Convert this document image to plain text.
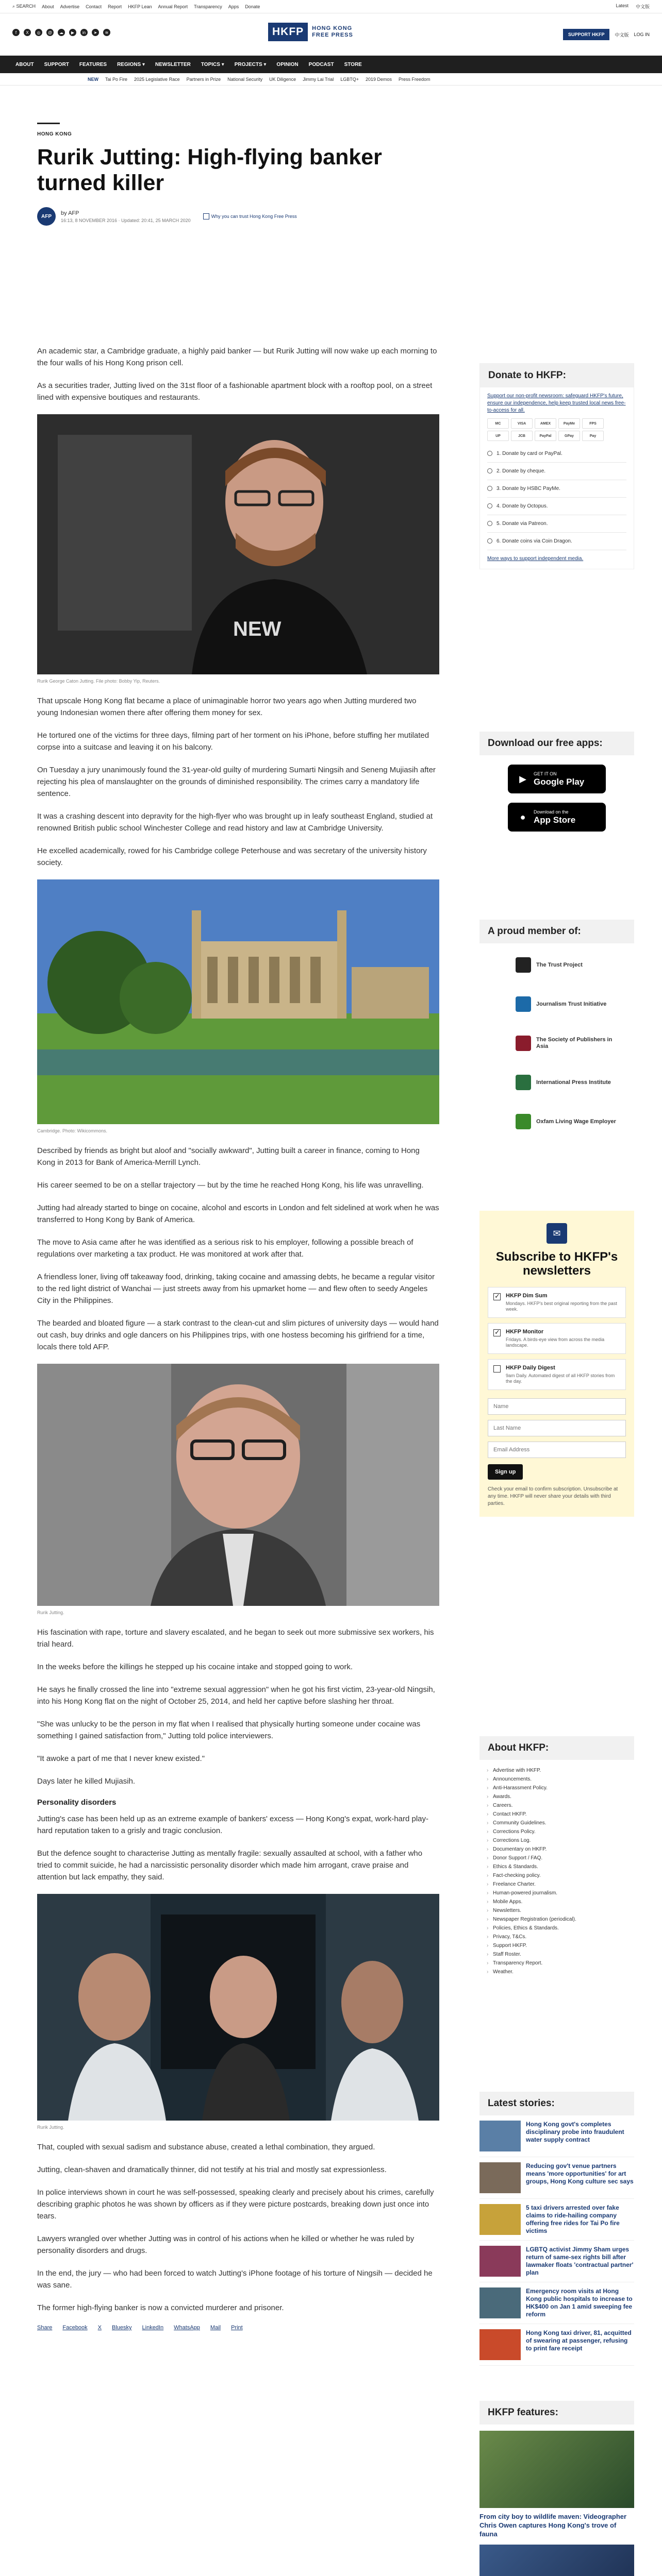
⌕ SEARCH About Advertise Contact Report HKFP Lean Annual Report Transparency Apps Donate	Latest 中文版
f	X	◎	@	☁	▶	in	➤	≋	HKFP	HONG KONG
FREE PRESS	SUPPORT HKFP	中文版 LOG IN
ABOUT SUPPORT FEATURES REGIONS ▾ NEWSLETTER TOPICS ▾ PROJECTS ▾ OPINION PODCAST STORE
NEW Tai Po Fire 2025 Legislative Race Partners in Prize National Security UK Diligence Jimmy Lai Trial LGBTQ+ 2019 Demos Press Freedom
HONG KONG
Rurik Jutting: High-flying banker turned killer
AFP
by AFP
16:13, 8 NOVEMBER 2016 · Updated: 20:41, 25 MARCH 2020
Why you can trust Hong Kong Free Press

An academic star, a Cambridge graduate, a highly paid banker — but Rurik Jutting will now wake up each morning to the four walls of his Hong Kong prison cell.

As a securities trader, Jutting lived on the 31st floor of a fashionable apartment block with a rooftop pool, on a street lined with expensive boutiques and restaurants.

NEW
Rurik George Caton Jutting. File photo: Bobby Yip, Reuters.

That upscale Hong Kong flat became a place of unimaginable horror two years ago when Jutting murdered two young Indonesian women there after offering them money for sex.

He tortured one of the victims for three days, filming part of her torment on his iPhone, before stuffing her mutilated corpse into a suitcase and leaving it on his balcony.

On Tuesday a jury unanimously found the 31-year-old guilty of murdering Sumarti Ningsih and Seneng Mujiasih after rejecting his plea of manslaughter on the grounds of diminished responsibility. The crimes carry a mandatory life sentence.

It was a crashing descent into depravity for the high-flyer who was brought up in leafy southeast England, studied at renowned British public school Winchester College and read history and law at Cambridge University.

He excelled academically, rowed for his Cambridge college Peterhouse and was secretary of the university history society.

Cambridge. Photo: Wikicommons.

Described by friends as bright but aloof and "socially awkward", Jutting built a career in finance, coming to Hong Kong in 2013 for Bank of America-Merrill Lynch.

His career seemed to be on a stellar trajectory — but by the time he reached Hong Kong, his life was unravelling.

Jutting had already started to binge on cocaine, alcohol and escorts in London and felt sidelined at work when he was transferred to Hong Kong by Bank of America.

The move to Asia came after he was identified as a serious risk to his employer, following a possible breach of regulations over marketing a tax product. He was monitored at work after that.

A friendless loner, living off takeaway food, drinking, taking cocaine and amassing debts, he became a regular visitor to the red light district of Wanchai — just streets away from his upmarket home — and flew often to seedy Angeles City in the Philippines.

The bearded and bloated figure — a stark contrast to the clean-cut and slim pictures of university days — would hand out cash, buy drinks and ogle dancers on his Philippines trips, with one hostess becoming his girlfriend for a time, locals there told AFP.

Rurik Jutting.

His fascination with rape, torture and slavery escalated, and he began to seek out more submissive sex workers, his trial heard.

In the weeks before the killings he stepped up his cocaine intake and stopped going to work.

He says he finally crossed the line into "extreme sexual aggression" when he got his first victim, 23-year-old Ningsih, into his Hong Kong flat on the night of October 25, 2014, and held her captive before slashing her throat.

"She was unlucky to be the person in my flat when I realised that physically hurting someone under cocaine was something I gained satisfaction from," Jutting told police interviewers.

"It awoke a part of me that I never knew existed."

Days later he killed Mujiasih.

Personality disorders

Jutting's case has been held up as an extreme example of bankers' excess — Hong Kong's expat, work-hard play-hard reputation taken to a grisly and tragic conclusion.

But the defence sought to characterise Jutting as mentally fragile: sexually assaulted at school, with a father who tried to commit suicide, he had a narcissistic personality disorder which made him arrogant, crave praise and attention but lack empathy, they said.

Rurik Jutting.

That, coupled with sexual sadism and substance abuse, created a lethal combination, they argued.

Jutting, clean-shaven and dramatically thinner, did not testify at his trial and mostly sat expressionless.

In police interviews shown in court he was self-possessed, speaking clearly and precisely about his crimes, carefully describing graphic photos he was shown by officers as if they were picture postcards, breaking down just once into tears.

Lawyers wrangled over whether Jutting was in control of his actions when he killed or whether he was ruled by personality disorders and drugs.

In the end, the jury — who had been forced to watch Jutting's iPhone footage of his torture of Ningsih — decided he was sane.

The former high-flying banker is now a convicted murderer and prisoner.

Share Facebook X Bluesky LinkedIn WhatsApp Mail Print
Donate to HKFP:

Support our non-profit newsroom: safeguard HKFP's future, ensure our independence, help keep trusted local news free-to-access for all.

MC	VISA	AMEX	PayMe	FPS
UP	JCB	PayPal	GPay	Pay
1. Donate by card or PayPal.
2. Donate by cheque.
3. Donate by HSBC PayMe.
4. Donate by Octopus.
5. Donate via Patreon.
6. Donate coins via Coin Dragon.

More ways to support independent media.

Download our free apps:
▶	GET IT ON
Google Play
●	Download on the
App Store
A proud member of:
The Trust Project
Journalism Trust Initiative
The Society of Publishers in Asia
International Press Institute
Oxfam Living Wage Employer
✉
Subscribe to HKFP's newsletters
✓
HKFP Dim Sum
Mondays. HKFP's best original reporting from the past week.
✓
HKFP Monitor
Fridays. A birds-eye view from across the media landscape.
HKFP Daily Digest
9am Daily. Automated digest of all HKFP stories from the day.
Name
Last Name
Email Address Sign up

Check your email to confirm subscription. Unsubscribe at any time. HKFP will never share your details with third parties.

About HKFP:
› Advertise with HKFP.
› Announcements.
› Anti-Harassment Policy.
› Awards.
› Careers.
› Contact HKFP.
› Community Guidelines.
› Corrections Policy.
› Corrections Log.
› Documentary on HKFP.
› Donor Support / FAQ.
› Ethics & Standards.
› Fact-checking policy.
› Freelance Charter.
› Human-powered journalism.
› Mobile Apps.
› Newsletters.
› Newspaper Registration (periodical).
› Policies, Ethics & Standards.
› Privacy, T&Cs.
› Support HKFP.
› Staff Roster.
› Transparency Report.
› Weather.
Latest stories:
Hong Kong govt's completes disciplinary probe into fraudulent water supply contract
Reducing gov't venue partners means 'more opportunities' for art groups, Hong Kong culture sec says
5 taxi drivers arrested over fake claims to ride-hailing company offering free rides for Tai Po fire victims
LGBTQ activist Jimmy Sham urges return of same-sex rights bill after lawmaker floats 'contractual partner' plan
Emergency room visits at Hong Kong public hospitals to increase to HK$400 on Jan 1 amid sweeping fee reform
Hong Kong taxi driver, 81, acquitted of swearing at passenger, refusing to print fare receipt
HKFP features:
From city boy to wildlife maven: Videographer Chris Owen captures Hong Kong's trove of fauna
